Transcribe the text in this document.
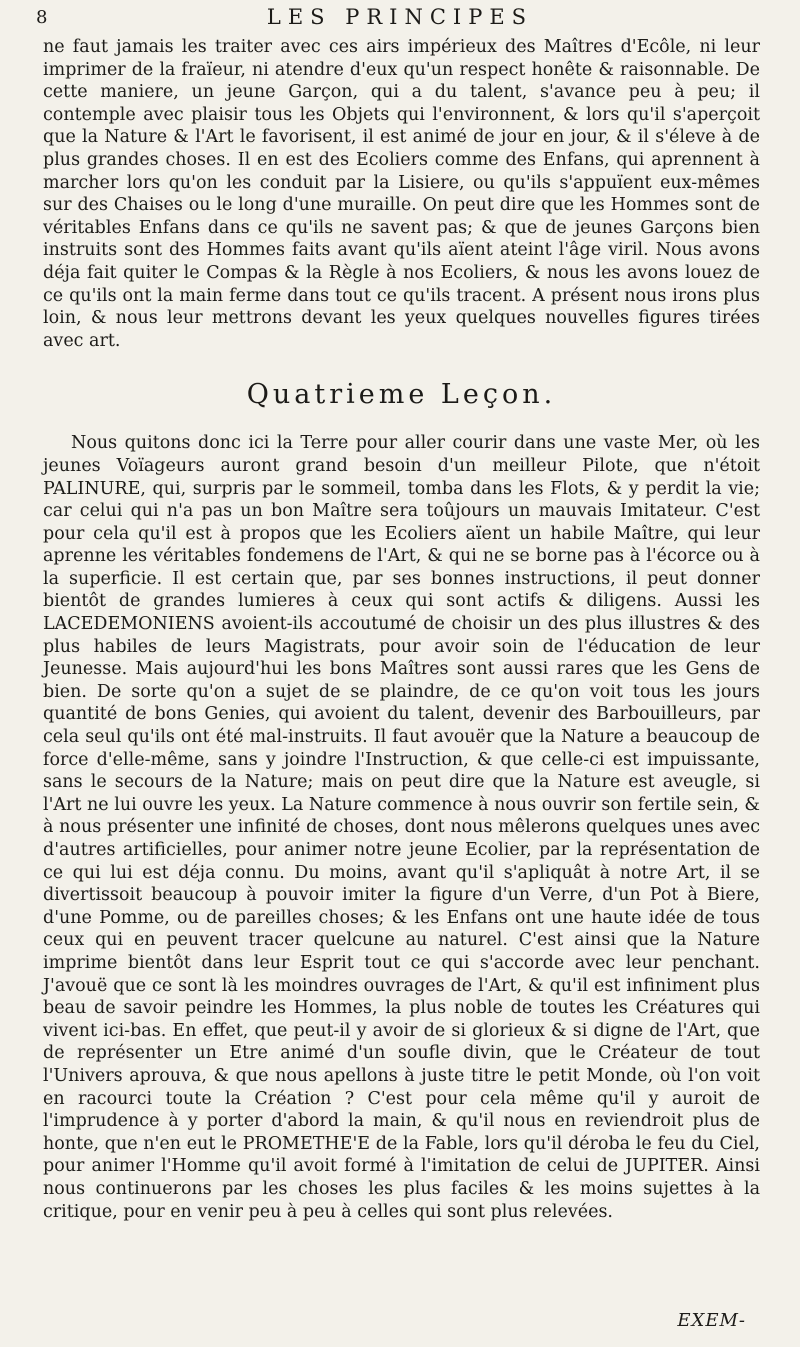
8	LES PRINCIPES

ne faut jamais les traiter avec ces airs impérieux des Maîtres d'Ecôle, ni leur imprimer de la fraïeur, ni atendre d'eux qu'un respect honête & raisonnable. De cette maniere, un jeune Garçon, qui a du talent, s'avance peu à peu; il contemple avec plaisir tous les Objets qui l'environnent, & lors qu'il s'aperçoit que la Nature & l'Art le favorisent, il est animé de jour en jour, & il s'éleve à de plus grandes choses. Il en est des Ecoliers comme des Enfans, qui aprennent à marcher lors qu'on les conduit par la Lisiere, ou qu'ils s'appuïent eux-mêmes sur des Chaises ou le long d'une muraille. On peut dire que les Hommes sont de véritables Enfans dans ce qu'ils ne savent pas; & que de jeunes Garçons bien instruits sont des Hommes faits avant qu'ils aïent ateint l'âge viril. Nous avons déja fait quiter le Compas & la Règle à nos Ecoliers, & nous les avons louez de ce qu'ils ont la main ferme dans tout ce qu'ils tracent. A présent nous irons plus loin, & nous leur mettrons devant les yeux quelques nouvelles figures tirées avec art.

Quatrieme Leçon.

Nous quitons donc ici la Terre pour aller courir dans une vaste Mer, où les jeunes Voïageurs auront grand besoin d'un meilleur Pilote, que n'étoit PALINURE, qui, surpris par le sommeil, tomba dans les Flots, & y perdit la vie; car celui qui n'a pas un bon Maître sera toûjours un mauvais Imitateur. C'est pour cela qu'il est à propos que les Ecoliers aïent un habile Maître, qui leur aprenne les véritables fondemens de l'Art, & qui ne se borne pas à l'écorce ou à la superficie. Il est certain que, par ses bonnes instructions, il peut donner bientôt de grandes lumieres à ceux qui sont actifs & diligens. Aussi les LACEDEMONIENS avoient-ils accoutumé de choisir un des plus illustres & des plus habiles de leurs Magistrats, pour avoir soin de l'éducation de leur Jeunesse. Mais aujourd'hui les bons Maîtres sont aussi rares que les Gens de bien. De sorte qu'on a sujet de se plaindre, de ce qu'on voit tous les jours quantité de bons Genies, qui avoient du talent, devenir des Barbouilleurs, par cela seul qu'ils ont été mal-instruits. Il faut avouër que la Nature a beaucoup de force d'elle-même, sans y joindre l'Instruction, & que celle-ci est impuissante, sans le secours de la Nature; mais on peut dire que la Nature est aveugle, si l'Art ne lui ouvre les yeux. La Nature commence à nous ouvrir son fertile sein, & à nous présenter une infinité de choses, dont nous mêlerons quelques unes avec d'autres artificielles, pour animer notre jeune Ecolier, par la représentation de ce qui lui est déja connu. Du moins, avant qu'il s'apliquât à notre Art, il se divertissoit beaucoup à pouvoir imiter la figure d'un Verre, d'un Pot à Biere, d'une Pomme, ou de pareilles choses; & les Enfans ont une haute idée de tous ceux qui en peuvent tracer quelcune au naturel. C'est ainsi que la Nature imprime bientôt dans leur Esprit tout ce qui s'accorde avec leur penchant. J'avouë que ce sont là les moindres ouvrages de l'Art, & qu'il est infiniment plus beau de savoir peindre les Hommes, la plus noble de toutes les Créatures qui vivent ici-bas. En effet, que peut-il y avoir de si glorieux & si digne de l'Art, que de représenter un Etre animé d'un soufle divin, que le Créateur de tout l'Univers aprouva, & que nous apellons à juste titre le petit Monde, où l'on voit en racourci toute la Création ? C'est pour cela même qu'il y auroit de l'imprudence à y porter d'abord la main, & qu'il nous en reviendroit plus de honte, que n'en eut le PROMETHE'E de la Fable, lors qu'il déroba le feu du Ciel, pour animer l'Homme qu'il avoit formé à l'imitation de celui de JUPITER. Ainsi nous continuerons par les choses les plus faciles & les moins sujettes à la critique, pour en venir peu à peu à celles qui sont plus relevées.

EXEM-
